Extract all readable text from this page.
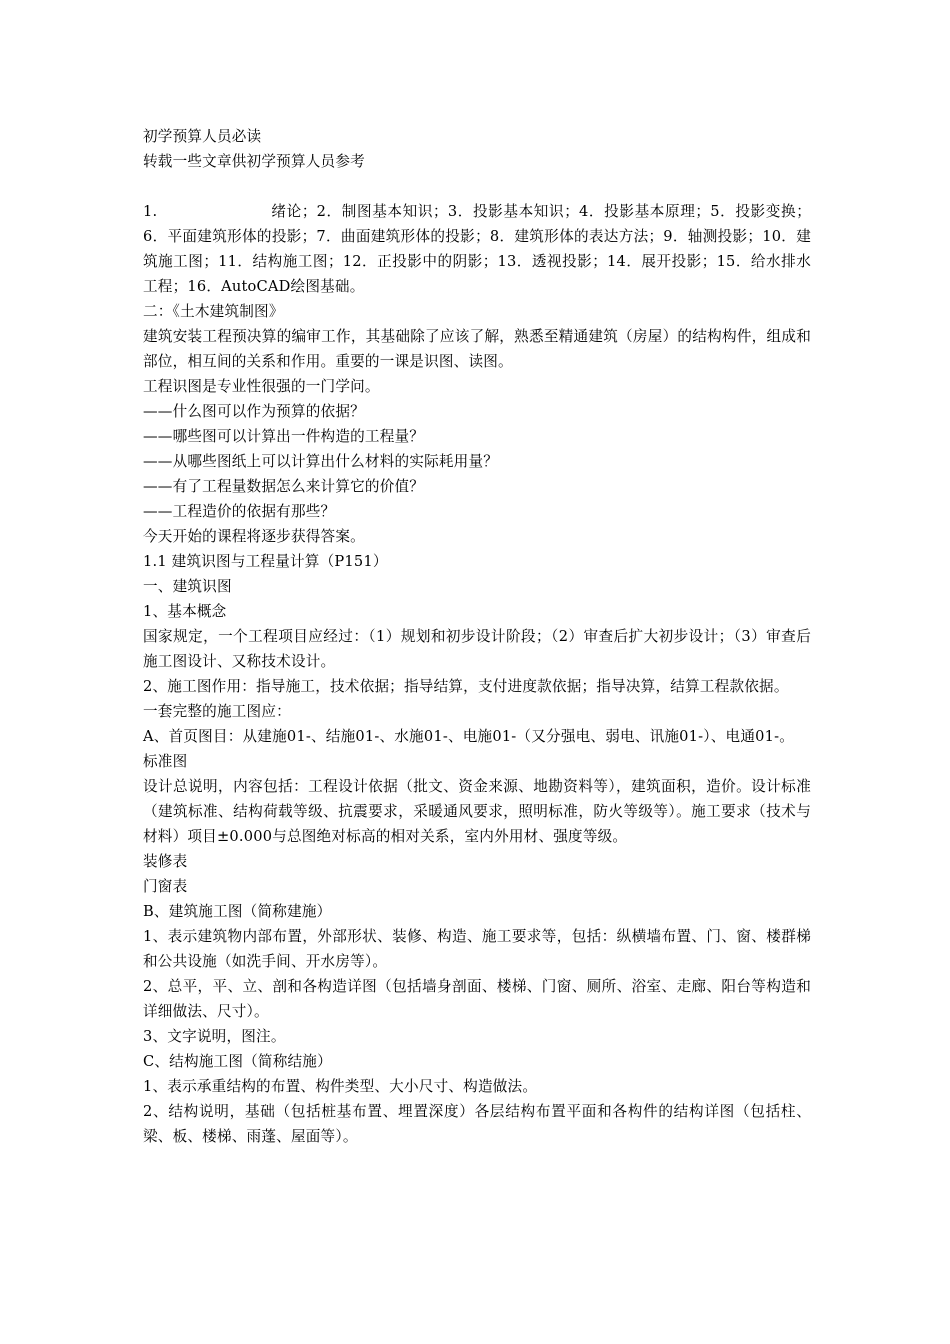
初学预算人员必读
转载一些文章供初学预算人员参考
1.	绪论；2．制图基本知识；3．投影基本知识；4．投影基本原理；5．投影变换；6．平面建筑形体的投影；7．曲面建筑形体的投影；8．建筑形体的表达方法；9．轴测投影；10．建筑施工图；11．结构施工图；12．正投影中的阴影；13．透视投影；14．展开投影；15．给水排水工程；16．AutoCAD绘图基础。
二：《土木建筑制图》
建筑安装工程预决算的编审工作，其基础除了应该了解，熟悉至精通建筑（房屋）的结构构件，组成和部位，相互间的关系和作用。重要的一课是识图、读图。
工程识图是专业性很强的一门学问。
——什么图可以作为预算的依据？
——哪些图可以计算出一件构造的工程量？
——从哪些图纸上可以计算出什么材料的实际耗用量？
——有了工程量数据怎么来计算它的价值？
——工程造价的依据有那些？
今天开始的课程将逐步获得答案。
1.1 建筑识图与工程量计算（P151）
一、建筑识图
1、基本概念
国家规定，一个工程项目应经过：（1）规划和初步设计阶段；（2）审查后扩大初步设计；（3）审查后施工图设计、又称技术设计。
2、施工图作用：指导施工，技术依据；指导结算，支付进度款依据；指导决算，结算工程款依据。
一套完整的施工图应：
A、首页图目：从建施01-、结施01-、水施01-、电施01-（又分强电、弱电、讯施01-）、电通01-。
标准图
设计总说明，内容包括：工程设计依据（批文、资金来源、地勘资料等），建筑面积，造价。设计标准（建筑标准、结构荷载等级、抗震要求，采暖通风要求，照明标准，防火等级等）。施工要求（技术与材料）项目±0.000与总图绝对标高的相对关系，室内外用材、强度等级。
装修表
门窗表
B、建筑施工图（简称建施）
1、表示建筑物内部布置，外部形状、装修、构造、施工要求等，包括：纵横墙布置、门、窗、楼群梯和公共设施（如洗手间、开水房等）。
2、总平，平、立、剖和各构造详图（包括墙身剖面、楼梯、门窗、厕所、浴室、走廊、阳台等构造和详细做法、尺寸）。
3、文字说明，图注。
C、结构施工图（简称结施）
1、表示承重结构的布置、构件类型、大小尺寸、构造做法。
2、结构说明，基础（包括桩基布置、埋置深度）各层结构布置平面和各构件的结构详图（包括柱、梁、板、楼梯、雨蓬、屋面等）。
